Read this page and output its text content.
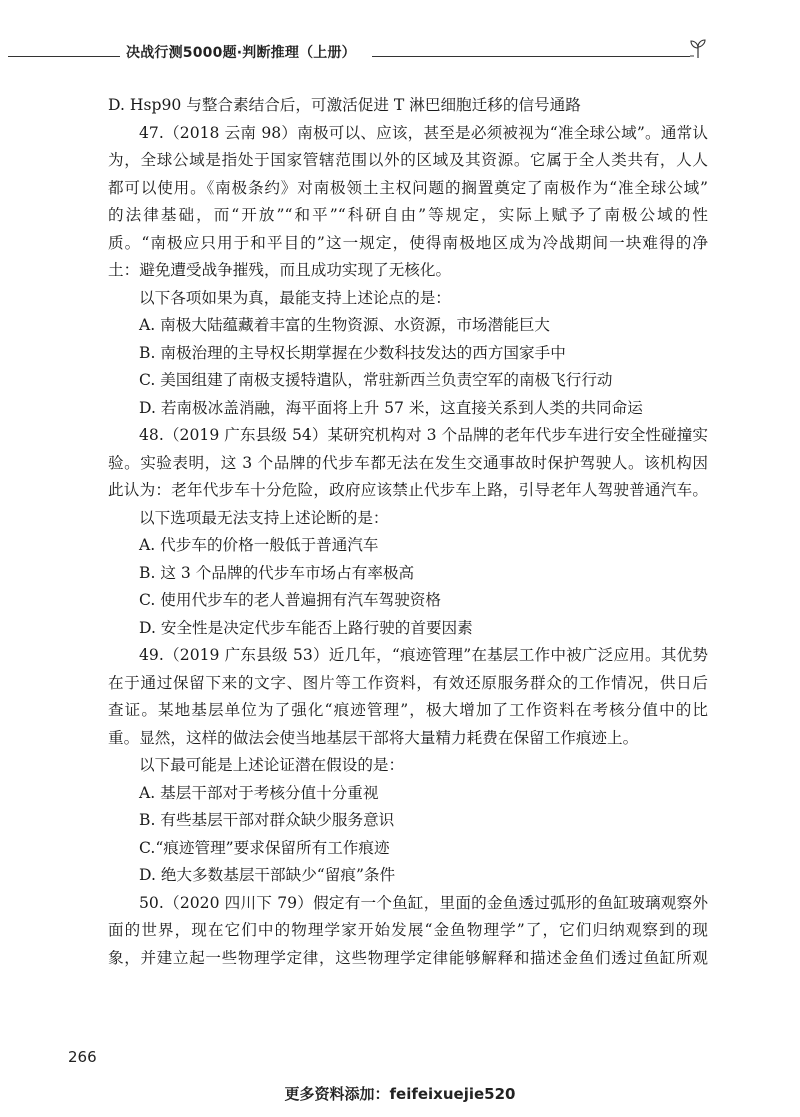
决战行测5000题·判断推理（上册）
D. Hsp90 与整合素结合后，可激活促进 T 淋巴细胞迁移的信号通路
47.（2018 云南 98）南极可以、应该，甚至是必须被视为“准全球公域”。通常认
为，全球公域是指处于国家管辖范围以外的区域及其资源。它属于全人类共有，人人
都可以使用。《南极条约》对南极领土主权问题的搁置奠定了南极作为“准全球公域”
的法律基础，而“开放”“和平”“科研自由”等规定，实际上赋予了南极公域的性
质。“南极应只用于和平目的”这一规定，使得南极地区成为冷战期间一块难得的净
土：避免遭受战争摧残，而且成功实现了无核化。
以下各项如果为真，最能支持上述论点的是：
A. 南极大陆蕴藏着丰富的生物资源、水资源，市场潜能巨大
B. 南极治理的主导权长期掌握在少数科技发达的西方国家手中
C. 美国组建了南极支援特遣队，常驻新西兰负责空军的南极飞行行动
D. 若南极冰盖消融，海平面将上升 57 米，这直接关系到人类的共同命运
48.（2019 广东县级 54）某研究机构对 3 个品牌的老年代步车进行安全性碰撞实
验。实验表明，这 3 个品牌的代步车都无法在发生交通事故时保护驾驶人。该机构因
此认为：老年代步车十分危险，政府应该禁止代步车上路，引导老年人驾驶普通汽车。
以下选项最无法支持上述论断的是：
A. 代步车的价格一般低于普通汽车
B. 这 3 个品牌的代步车市场占有率极高
C. 使用代步车的老人普遍拥有汽车驾驶资格
D. 安全性是决定代步车能否上路行驶的首要因素
49.（2019 广东县级 53）近几年，“痕迹管理”在基层工作中被广泛应用。其优势
在于通过保留下来的文字、图片等工作资料，有效还原服务群众的工作情况，供日后
查证。某地基层单位为了强化“痕迹管理”，极大增加了工作资料在考核分值中的比
重。显然，这样的做法会使当地基层干部将大量精力耗费在保留工作痕迹上。
以下最可能是上述论证潜在假设的是：
A. 基层干部对于考核分值十分重视
B. 有些基层干部对群众缺少服务意识
C.“痕迹管理”要求保留所有工作痕迹
D. 绝大多数基层干部缺少“留痕”条件
50.（2020 四川下 79）假定有一个鱼缸，里面的金鱼透过弧形的鱼缸玻璃观察外
面的世界，现在它们中的物理学家开始发展“金鱼物理学”了，它们归纳观察到的现
象，并建立起一些物理学定律，这些物理学定律能够解释和描述金鱼们透过鱼缸所观
266
更多资料添加：feifeixuejie520
